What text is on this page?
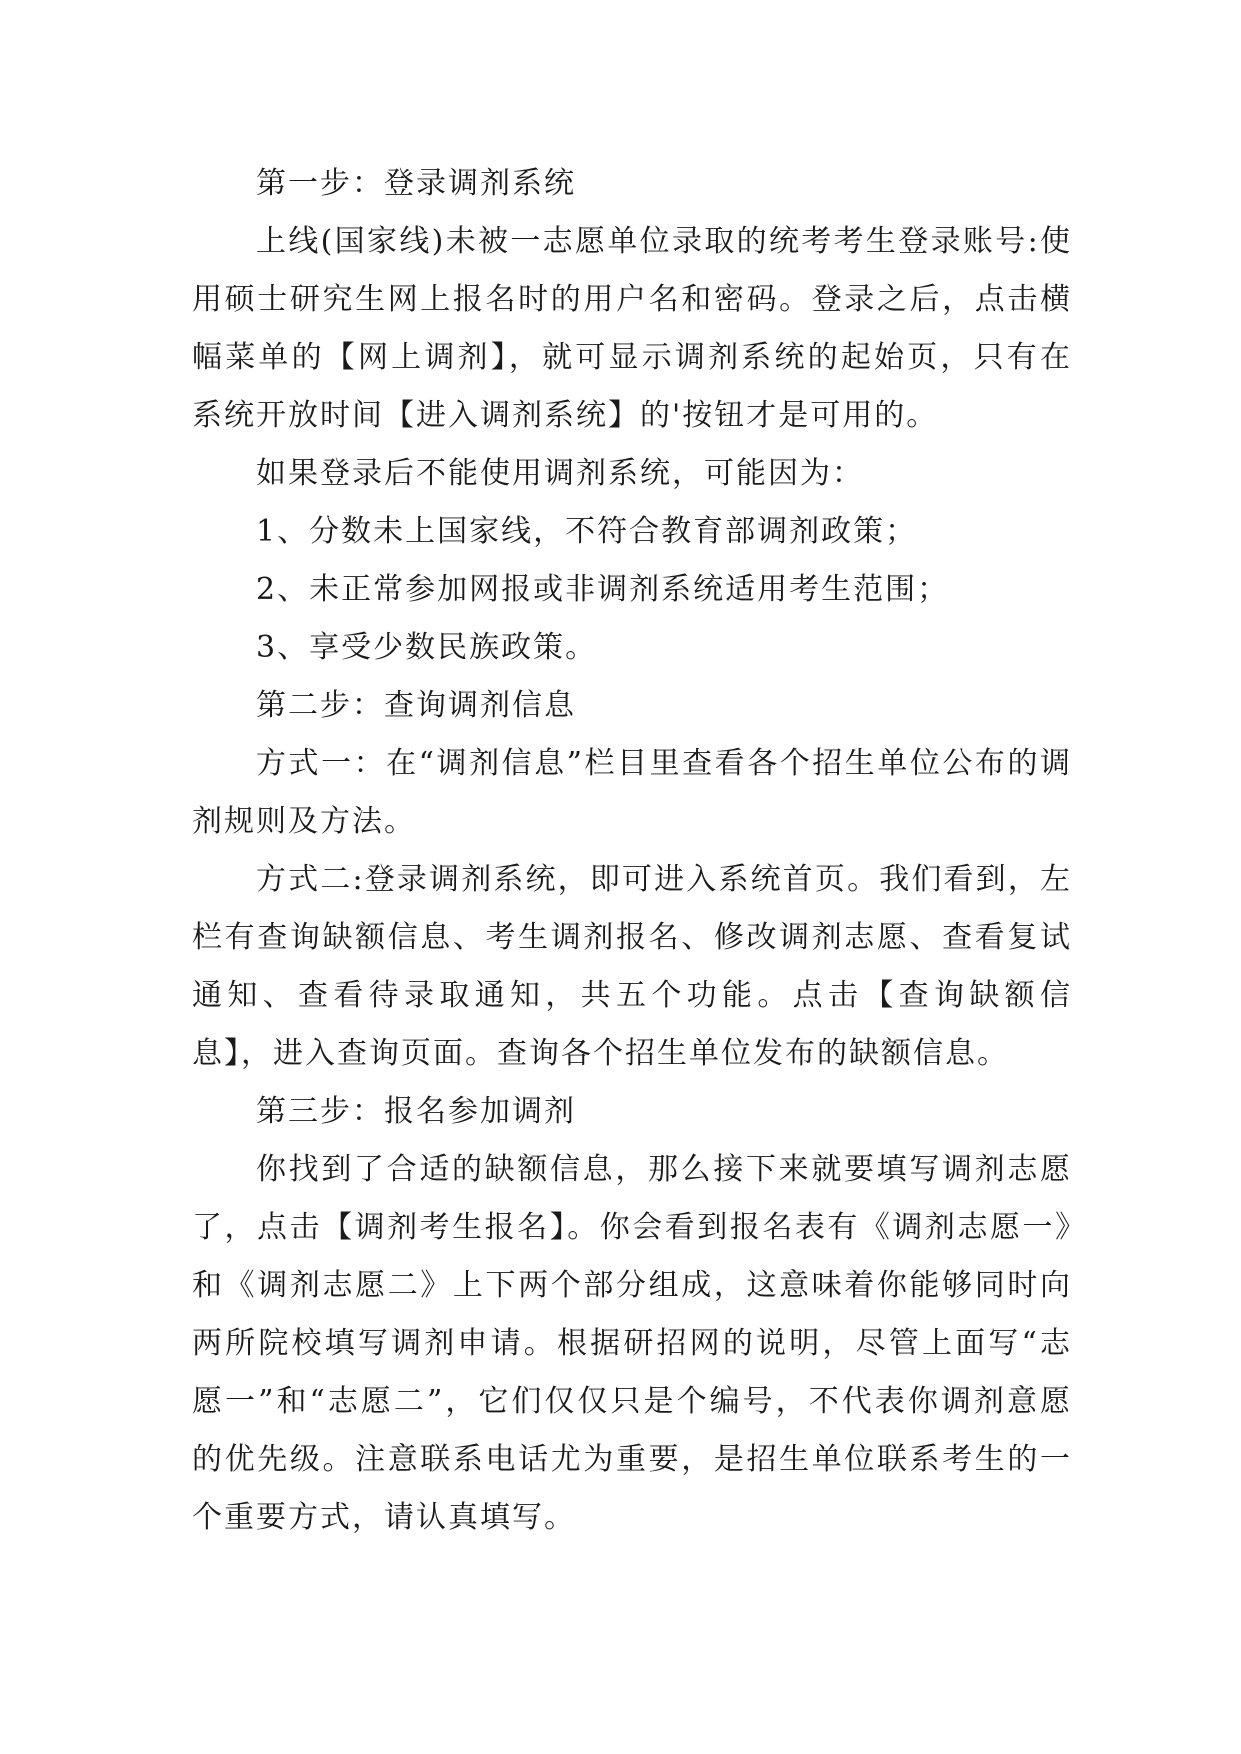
第一步：登录调剂系统

上线(国家线)未被一志愿单位录取的统考考生登录账号:使用硕士研究生网上报名时的用户名和密码。登录之后，点击横幅菜单的【网上调剂】，就可显示调剂系统的起始页，只有在系统开放时间【进入调剂系统】的'按钮才是可用的。

如果登录后不能使用调剂系统，可能因为：

1、分数未上国家线，不符合教育部调剂政策；

2、未正常参加网报或非调剂系统适用考生范围；

3、享受少数民族政策。

第二步：查询调剂信息

方式一：在“调剂信息”栏目里查看各个招生单位公布的调剂规则及方法。

方式二:登录调剂系统，即可进入系统首页。我们看到，左栏有查询缺额信息、考生调剂报名、修改调剂志愿、查看复试通知、查看待录取通知，共五个功能。点击【查询缺额信息】，进入查询页面。查询各个招生单位发布的缺额信息。

第三步：报名参加调剂

你找到了合适的缺额信息，那么接下来就要填写调剂志愿了，点击【调剂考生报名】。你会看到报名表有《调剂志愿一》和《调剂志愿二》上下两个部分组成，这意味着你能够同时向两所院校填写调剂申请。根据研招网的说明，尽管上面写“志愿一”和“志愿二”，它们仅仅只是个编号，不代表你调剂意愿的优先级。注意联系电话尤为重要，是招生单位联系考生的一个重要方式，请认真填写。
